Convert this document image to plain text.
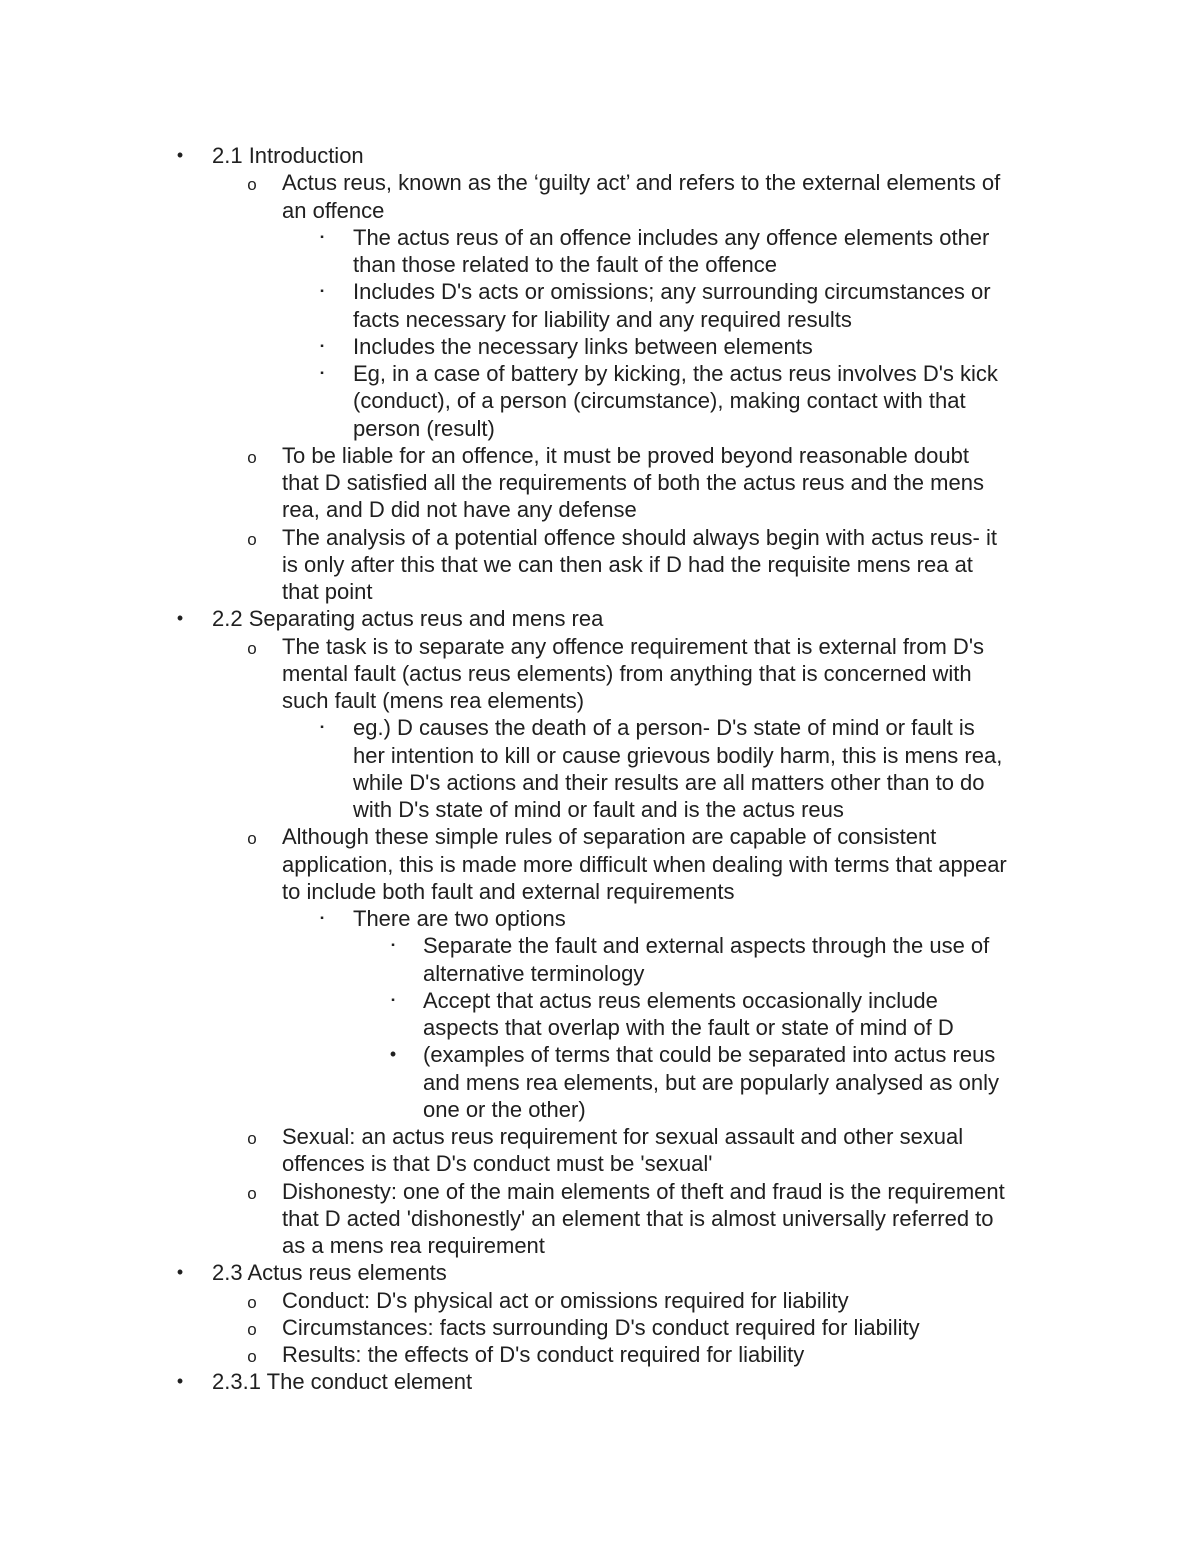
• 2.1 Introduction

o Actus reus, known as the ‘guilty act’ and refers to the external elements of

an offence

▪ The actus reus of an offence includes any offence elements other

than those related to the fault of the offence

▪ Includes D's acts or omissions; any surrounding circumstances or

facts necessary for liability and any required results

▪ Includes the necessary links between elements

▪ Eg, in a case of battery by kicking, the actus reus involves D's kick

(conduct), of a person (circumstance), making contact with that

person (result)

o To be liable for an offence, it must be proved beyond reasonable doubt

that D satisfied all the requirements of both the actus reus and the mens

rea, and D did not have any defense

o The analysis of a potential offence should always begin with actus reus- it

is only after this that we can then ask if D had the requisite mens rea at

that point

• 2.2 Separating actus reus and mens rea

o The task is to separate any offence requirement that is external from D's

mental fault (actus reus elements) from anything that is concerned with

such fault (mens rea elements)

▪ eg.) D causes the death of a person- D's state of mind or fault is

her intention to kill or cause grievous bodily harm, this is mens rea,

while D's actions and their results are all matters other than to do

with D's state of mind or fault and is the actus reus

o Although these simple rules of separation are capable of consistent

application, this is made more difficult when dealing with terms that appear

to include both fault and external requirements

▪ There are two options

▪ Separate the fault and external aspects through the use of

alternative terminology

▪ Accept that actus reus elements occasionally include

aspects that overlap with the fault or state of mind of D

• (examples of terms that could be separated into actus reus

and mens rea elements, but are popularly analysed as only

one or the other)

o Sexual: an actus reus requirement for sexual assault and other sexual

offences is that D's conduct must be 'sexual'

o Dishonesty: one of the main elements of theft and fraud is the requirement

that D acted 'dishonestly' an element that is almost universally referred to

as a mens rea requirement

• 2.3 Actus reus elements

o Conduct: D's physical act or omissions required for liability

o Circumstances: facts surrounding D's conduct required for liability

o Results: the effects of D's conduct required for liability

• 2.3.1 The conduct element
